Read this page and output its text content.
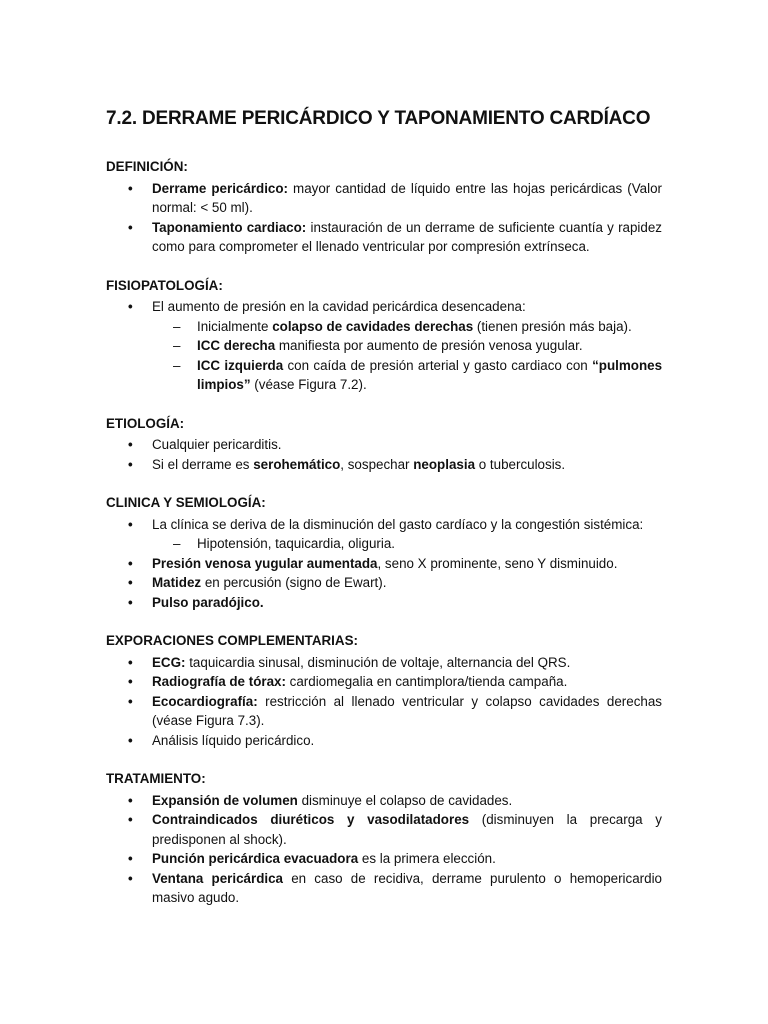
7.2. DERRAME PERICÁRDICO Y TAPONAMIENTO CARDÍACO
DEFINICIÓN:
• Derrame pericárdico: mayor cantidad de líquido entre las hojas pericárdicas (Valor normal: < 50 ml).
• Taponamiento cardiaco: instauración de un derrame de suficiente cuantía y rapidez como para comprometer el llenado ventricular por compresión extrínseca.
FISIOPATOLOGÍA:
• El aumento de presión en la cavidad pericárdica desencadena:
– Inicialmente colapso de cavidades derechas (tienen presión más baja).
– ICC derecha manifiesta por aumento de presión venosa yugular.
– ICC izquierda con caída de presión arterial y gasto cardiaco con “pulmones limpios” (véase Figura 7.2).
ETIOLOGÍA:
• Cualquier pericarditis.
• Si el derrame es serohemático, sospechar neoplasia o tuberculosis.
CLINICA Y SEMIOLOGÍA:
• La clínica se deriva de la disminución del gasto cardíaco y la congestión sistémica:
– Hipotensión, taquicardia, oliguria.
• Presión venosa yugular aumentada, seno X prominente, seno Y disminuido.
• Matidez en percusión (signo de Ewart).
• Pulso paradójico.
EXPORACIONES COMPLEMENTARIAS:
• ECG: taquicardia sinusal, disminución de voltaje, alternancia del QRS.
• Radiografía de tórax: cardiomegalia en cantimplora/tienda campaña.
• Ecocardiografía: restricción al llenado ventricular y colapso cavidades derechas (véase Figura 7.3).
• Análisis líquido pericárdico.
TRATAMIENTO:
• Expansión de volumen disminuye el colapso de cavidades.
• Contraindicados diuréticos y vasodilatadores (disminuyen la precarga y predisponen al shock).
• Punción pericárdica evacuadora es la primera elección.
• Ventana pericárdica en caso de recidiva, derrame purulento o hemopericardio masivo agudo.
